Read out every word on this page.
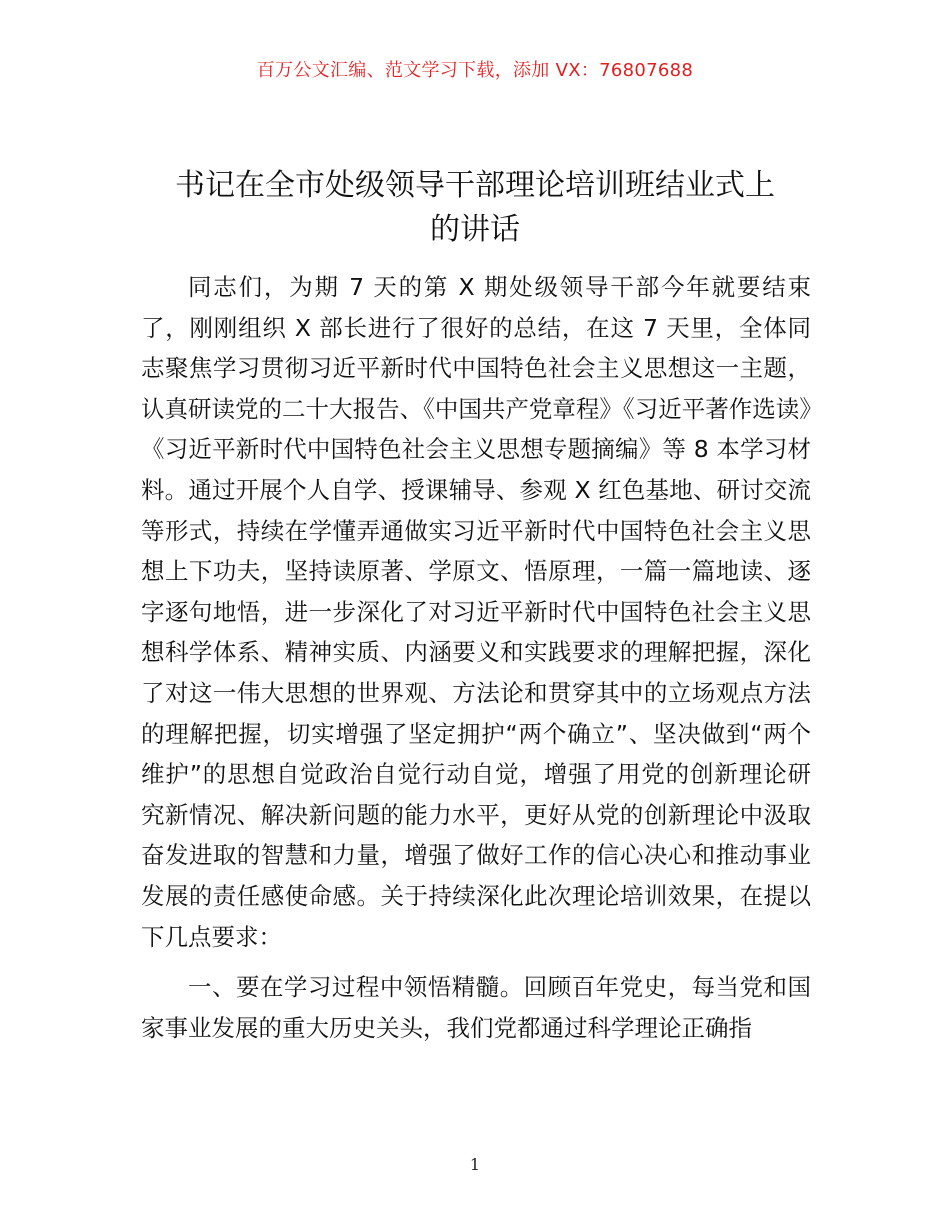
百万公文汇编、范文学习下载，添加 VX：76807688
书记在全市处级领导干部理论培训班结业式上
的讲话

同志们，为期 7 天的第 X 期处级领导干部今年就要结束了，刚刚组织 X 部长进行了很好的总结，在这 7 天里，全体同志聚焦学习贯彻习近平新时代中国特色社会主义思想这一主题，认真研读党的二十大报告、《中国共产党章程》《习近平著作选读》《习近平新时代中国特色社会主义思想专题摘编》等 8 本学习材料。通过开展个人自学、授课辅导、参观 X 红色基地、研讨交流等形式，持续在学懂弄通做实习近平新时代中国特色社会主义思想上下功夫，坚持读原著、学原文、悟原理，一篇一篇地读、逐字逐句地悟，进一步深化了对习近平新时代中国特色社会主义思想科学体系、精神实质、内涵要义和实践要求的理解把握，深化了对这一伟大思想的世界观、方法论和贯穿其中的立场观点方法的理解把握，切实增强了坚定拥护“两个确立”、坚决做到“两个维护”的思想自觉政治自觉行动自觉，增强了用党的创新理论研究新情况、解决新问题的能力水平，更好从党的创新理论中汲取奋发进取的智慧和力量，增强了做好工作的信心决心和推动事业发展的责任感使命感。关于持续深化此次理论培训效果，在提以下几点要求：

一、要在学习过程中领悟精髓。回顾百年党史，每当党和国家事业发展的重大历史关头，我们党都通过科学理论正确指

1
